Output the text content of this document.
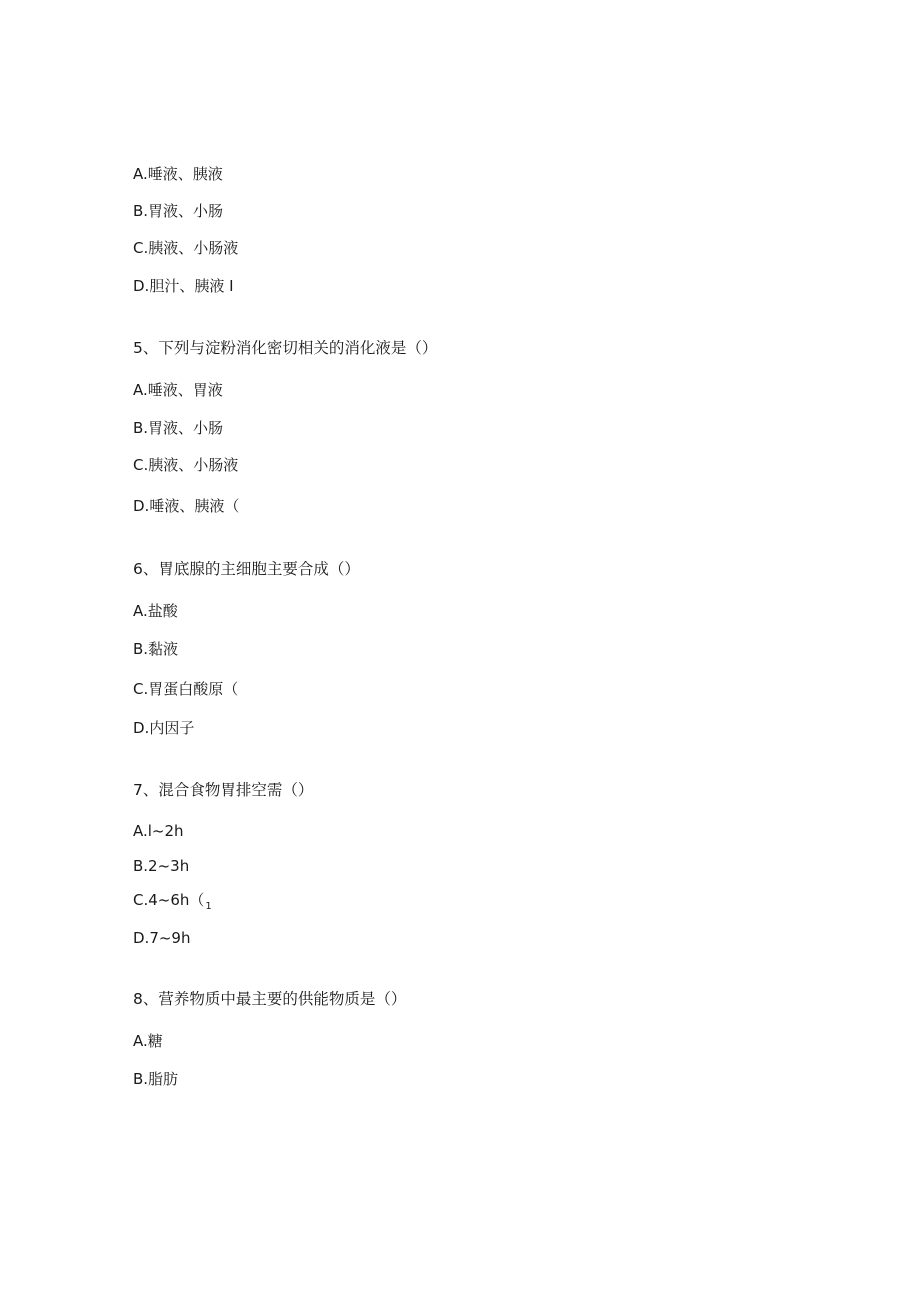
A.唾液、胰液
B.胃液、小肠
C.胰液、小肠液
D.胆汁、胰液 I
5、下列与淀粉消化密切相关的消化液是（）
A.唾液、胃液
B.胃液、小肠
C.胰液、小肠液
D.唾液、胰液（
6、胃底腺的主细胞主要合成（）
A.盐酸
B.黏液
C.胃蛋白酸原（
D.内因子
7、混合食物胃排空需（）
A.l~2h
B.2~3h
$C.4\sim 6h(_1$
D.7~9h
8、营养物质中最主要的供能物质是（）
A.糖
B.脂肪
